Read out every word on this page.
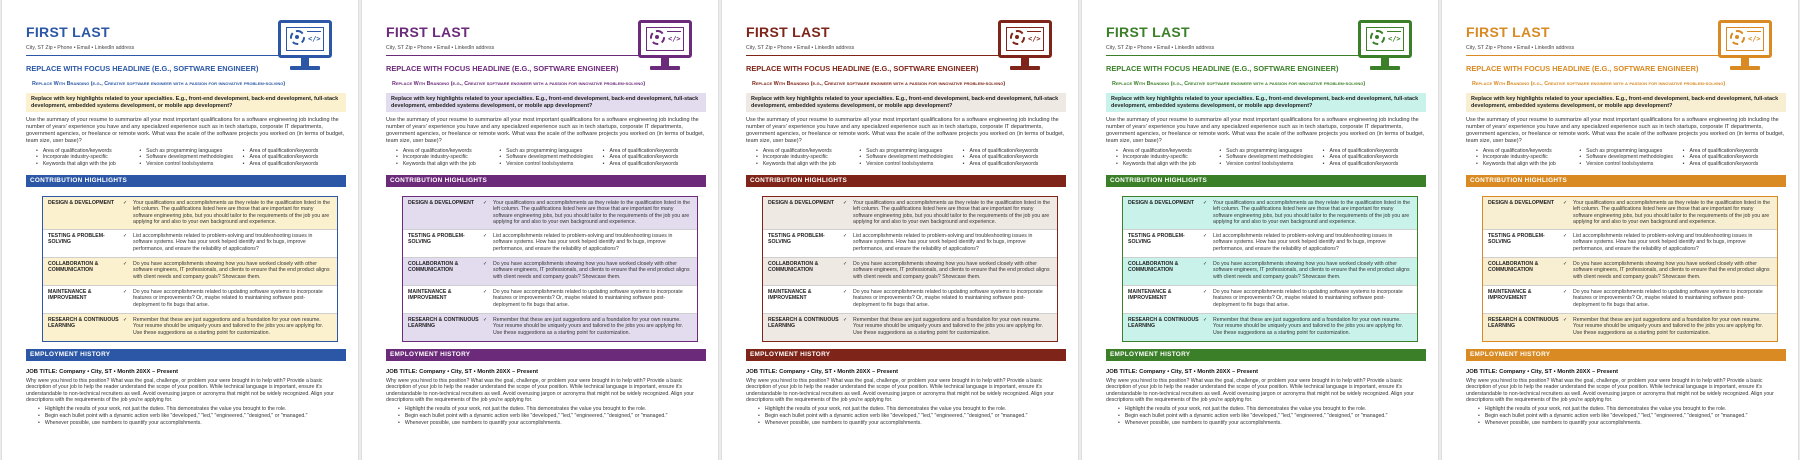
FIRST LAST
City, ST Zip • Phone • Email • LinkedIn address
</>
REPLACE WITH FOCUS HEADLINE (E.G., SOFTWARE ENGINEER)
Replace With Branding (e.g., Creative software engineer with a passion for innovative problem-solving)
Replace with key highlights related to your specialties. E.g., front-end development, back-end development, full-stack development, embedded systems development, or mobile app development?
Use the summary of your resume to summarize all your most important qualifications for a software engineering job including the number of years' experience you have and any specialized experience such as in tech startups, corporate IT departments, government agencies, or freelance or remote work. What was the scale of the software projects you worked on (in terms of budget, team size, user base)?
• Area of qualification/keywords	• Such as programming languages	• Area of qualification/keywords
• Incorporate industry-specific	• Software development methodologies	• Area of qualification/keywords
• Keywords that align with the job	• Version control tools/systems	• Area of qualification/keywords
CONTRIBUTION HIGHLIGHTS
DESIGN & DEVELOPMENT	✓	Your qualifications and accomplishments as they relate to the qualification listed in the left column. The qualifications listed here are those that are important for many software engineering jobs, but you should tailor to the requirements of the job you are applying for and also to your own background and experience.
TESTING & PROBLEM-SOLVING
✓	List accomplishments related to problem-solving and troubleshooting issues in software systems. How has your work helped identify and fix bugs, improve performance, and ensure the reliability of applications?
COLLABORATION & COMMUNICATION
✓	Do you have accomplishments showing how you have worked closely with other software engineers, IT professionals, and clients to ensure that the end product aligns with client needs and company goals? Showcase them.
MAINTENANCE & IMPROVEMENT
✓	Do you have accomplishments related to updating software systems to incorporate features or improvements? Or, maybe related to maintaining software post-deployment to fix bugs that arise.
RESEARCH & CONTINUOUS LEARNING
✓	Remember that these are just suggestions and a foundation for your own resume. Your resume should be uniquely yours and tailored to the jobs you are applying for. Use these suggestions as a starting point for customization.
EMPLOYMENT HISTORY
JOB TITLE: Company • City, ST • Month 20XX – Present
Why were you hired to this position? What was the goal, challenge, or problem your were brought in to help with? Provide a basic description of your job to help the reader understand the scope of your position. While technical language is important, ensure it's understandable to non-technical recruiters as well. Avoid overusing jargon or acronyms that might not be widely recognized. Align your descriptions with the requirements of the job you're applying for.
• Highlight the results of your work, not just the duties. This demonstrates the value you brought to the role.
• Begin each bullet point with a dynamic action verb like "developed," "led," "engineered," "designed," or "managed."
• Whenever possible, use numbers to quantify your accomplishments.
FIRST LAST
City, ST Zip • Phone • Email • LinkedIn address
</>
REPLACE WITH FOCUS HEADLINE (E.G., SOFTWARE ENGINEER)
Replace With Branding (e.g., Creative software engineer with a passion for innovative problem-solving)
Replace with key highlights related to your specialties. E.g., front-end development, back-end development, full-stack development, embedded systems development, or mobile app development?
Use the summary of your resume to summarize all your most important qualifications for a software engineering job including the number of years' experience you have and any specialized experience such as in tech startups, corporate IT departments, government agencies, or freelance or remote work. What was the scale of the software projects you worked on (in terms of budget, team size, user base)?
• Area of qualification/keywords	• Such as programming languages	• Area of qualification/keywords
• Incorporate industry-specific	• Software development methodologies	• Area of qualification/keywords
• Keywords that align with the job	• Version control tools/systems	• Area of qualification/keywords
CONTRIBUTION HIGHLIGHTS
DESIGN & DEVELOPMENT	✓	Your qualifications and accomplishments as they relate to the qualification listed in the left column. The qualifications listed here are those that are important for many software engineering jobs, but you should tailor to the requirements of the job you are applying for and also to your own background and experience.
TESTING & PROBLEM-SOLVING
✓	List accomplishments related to problem-solving and troubleshooting issues in software systems. How has your work helped identify and fix bugs, improve performance, and ensure the reliability of applications?
COLLABORATION & COMMUNICATION
✓	Do you have accomplishments showing how you have worked closely with other software engineers, IT professionals, and clients to ensure that the end product aligns with client needs and company goals? Showcase them.
MAINTENANCE & IMPROVEMENT
✓	Do you have accomplishments related to updating software systems to incorporate features or improvements? Or, maybe related to maintaining software post-deployment to fix bugs that arise.
RESEARCH & CONTINUOUS LEARNING
✓	Remember that these are just suggestions and a foundation for your own resume. Your resume should be uniquely yours and tailored to the jobs you are applying for. Use these suggestions as a starting point for customization.
EMPLOYMENT HISTORY
JOB TITLE: Company • City, ST • Month 20XX – Present
Why were you hired to this position? What was the goal, challenge, or problem your were brought in to help with? Provide a basic description of your job to help the reader understand the scope of your position. While technical language is important, ensure it's understandable to non-technical recruiters as well. Avoid overusing jargon or acronyms that might not be widely recognized. Align your descriptions with the requirements of the job you're applying for.
• Highlight the results of your work, not just the duties. This demonstrates the value you brought to the role.
• Begin each bullet point with a dynamic action verb like "developed," "led," "engineered," "designed," or "managed."
• Whenever possible, use numbers to quantify your accomplishments.
FIRST LAST
City, ST Zip • Phone • Email • LinkedIn address
</>
REPLACE WITH FOCUS HEADLINE (E.G., SOFTWARE ENGINEER)
Replace With Branding (e.g., Creative software engineer with a passion for innovative problem-solving)
Replace with key highlights related to your specialties. E.g., front-end development, back-end development, full-stack development, embedded systems development, or mobile app development?
Use the summary of your resume to summarize all your most important qualifications for a software engineering job including the number of years' experience you have and any specialized experience such as in tech startups, corporate IT departments, government agencies, or freelance or remote work. What was the scale of the software projects you worked on (in terms of budget, team size, user base)?
• Area of qualification/keywords	• Such as programming languages	• Area of qualification/keywords
• Incorporate industry-specific	• Software development methodologies	• Area of qualification/keywords
• Keywords that align with the job	• Version control tools/systems	• Area of qualification/keywords
CONTRIBUTION HIGHLIGHTS
DESIGN & DEVELOPMENT	✓	Your qualifications and accomplishments as they relate to the qualification listed in the left column. The qualifications listed here are those that are important for many software engineering jobs, but you should tailor to the requirements of the job you are applying for and also to your own background and experience.
TESTING & PROBLEM-SOLVING
✓	List accomplishments related to problem-solving and troubleshooting issues in software systems. How has your work helped identify and fix bugs, improve performance, and ensure the reliability of applications?
COLLABORATION & COMMUNICATION
✓	Do you have accomplishments showing how you have worked closely with other software engineers, IT professionals, and clients to ensure that the end product aligns with client needs and company goals? Showcase them.
MAINTENANCE & IMPROVEMENT
✓	Do you have accomplishments related to updating software systems to incorporate features or improvements? Or, maybe related to maintaining software post-deployment to fix bugs that arise.
RESEARCH & CONTINUOUS LEARNING
✓	Remember that these are just suggestions and a foundation for your own resume. Your resume should be uniquely yours and tailored to the jobs you are applying for. Use these suggestions as a starting point for customization.
EMPLOYMENT HISTORY
JOB TITLE: Company • City, ST • Month 20XX – Present
Why were you hired to this position? What was the goal, challenge, or problem your were brought in to help with? Provide a basic description of your job to help the reader understand the scope of your position. While technical language is important, ensure it's understandable to non-technical recruiters as well. Avoid overusing jargon or acronyms that might not be widely recognized. Align your descriptions with the requirements of the job you're applying for.
• Highlight the results of your work, not just the duties. This demonstrates the value you brought to the role.
• Begin each bullet point with a dynamic action verb like "developed," "led," "engineered," "designed," or "managed."
• Whenever possible, use numbers to quantify your accomplishments.
FIRST LAST
City, ST Zip • Phone • Email • LinkedIn address
</>
REPLACE WITH FOCUS HEADLINE (E.G., SOFTWARE ENGINEER)
Replace With Branding (e.g., Creative software engineer with a passion for innovative problem-solving)
Replace with key highlights related to your specialties. E.g., front-end development, back-end development, full-stack development, embedded systems development, or mobile app development?
Use the summary of your resume to summarize all your most important qualifications for a software engineering job including the number of years' experience you have and any specialized experience such as in tech startups, corporate IT departments, government agencies, or freelance or remote work. What was the scale of the software projects you worked on (in terms of budget, team size, user base)?
• Area of qualification/keywords	• Such as programming languages	• Area of qualification/keywords
• Incorporate industry-specific	• Software development methodologies	• Area of qualification/keywords
• Keywords that align with the job	• Version control tools/systems	• Area of qualification/keywords
CONTRIBUTION HIGHLIGHTS
DESIGN & DEVELOPMENT	✓	Your qualifications and accomplishments as they relate to the qualification listed in the left column. The qualifications listed here are those that are important for many software engineering jobs, but you should tailor to the requirements of the job you are applying for and also to your own background and experience.
TESTING & PROBLEM-SOLVING
✓	List accomplishments related to problem-solving and troubleshooting issues in software systems. How has your work helped identify and fix bugs, improve performance, and ensure the reliability of applications?
COLLABORATION & COMMUNICATION
✓	Do you have accomplishments showing how you have worked closely with other software engineers, IT professionals, and clients to ensure that the end product aligns with client needs and company goals? Showcase them.
MAINTENANCE & IMPROVEMENT
✓	Do you have accomplishments related to updating software systems to incorporate features or improvements? Or, maybe related to maintaining software post-deployment to fix bugs that arise.
RESEARCH & CONTINUOUS LEARNING
✓	Remember that these are just suggestions and a foundation for your own resume. Your resume should be uniquely yours and tailored to the jobs you are applying for. Use these suggestions as a starting point for customization.
EMPLOYMENT HISTORY
JOB TITLE: Company • City, ST • Month 20XX – Present
Why were you hired to this position? What was the goal, challenge, or problem your were brought in to help with? Provide a basic description of your job to help the reader understand the scope of your position. While technical language is important, ensure it's understandable to non-technical recruiters as well. Avoid overusing jargon or acronyms that might not be widely recognized. Align your descriptions with the requirements of the job you're applying for.
• Highlight the results of your work, not just the duties. This demonstrates the value you brought to the role.
• Begin each bullet point with a dynamic action verb like "developed," "led," "engineered," "designed," or "managed."
• Whenever possible, use numbers to quantify your accomplishments.
FIRST LAST
City, ST Zip • Phone • Email • LinkedIn address
</>
REPLACE WITH FOCUS HEADLINE (E.G., SOFTWARE ENGINEER)
Replace With Branding (e.g., Creative software engineer with a passion for innovative problem-solving)
Replace with key highlights related to your specialties. E.g., front-end development, back-end development, full-stack development, embedded systems development, or mobile app development?
Use the summary of your resume to summarize all your most important qualifications for a software engineering job including the number of years' experience you have and any specialized experience such as in tech startups, corporate IT departments, government agencies, or freelance or remote work. What was the scale of the software projects you worked on (in terms of budget, team size, user base)?
• Area of qualification/keywords	• Such as programming languages	• Area of qualification/keywords
• Incorporate industry-specific	• Software development methodologies	• Area of qualification/keywords
• Keywords that align with the job	• Version control tools/systems	• Area of qualification/keywords
CONTRIBUTION HIGHLIGHTS
DESIGN & DEVELOPMENT	✓	Your qualifications and accomplishments as they relate to the qualification listed in the left column. The qualifications listed here are those that are important for many software engineering jobs, but you should tailor to the requirements of the job you are applying for and also to your own background and experience.
TESTING & PROBLEM-SOLVING
✓	List accomplishments related to problem-solving and troubleshooting issues in software systems. How has your work helped identify and fix bugs, improve performance, and ensure the reliability of applications?
COLLABORATION & COMMUNICATION
✓	Do you have accomplishments showing how you have worked closely with other software engineers, IT professionals, and clients to ensure that the end product aligns with client needs and company goals? Showcase them.
MAINTENANCE & IMPROVEMENT
✓	Do you have accomplishments related to updating software systems to incorporate features or improvements? Or, maybe related to maintaining software post-deployment to fix bugs that arise.
RESEARCH & CONTINUOUS LEARNING
✓	Remember that these are just suggestions and a foundation for your own resume. Your resume should be uniquely yours and tailored to the jobs you are applying for. Use these suggestions as a starting point for customization.
EMPLOYMENT HISTORY
JOB TITLE: Company • City, ST • Month 20XX – Present
Why were you hired to this position? What was the goal, challenge, or problem your were brought in to help with? Provide a basic description of your job to help the reader understand the scope of your position. While technical language is important, ensure it's understandable to non-technical recruiters as well. Avoid overusing jargon or acronyms that might not be widely recognized. Align your descriptions with the requirements of the job you're applying for.
• Highlight the results of your work, not just the duties. This demonstrates the value you brought to the role.
• Begin each bullet point with a dynamic action verb like "developed," "led," "engineered," "designed," or "managed."
• Whenever possible, use numbers to quantify your accomplishments.
